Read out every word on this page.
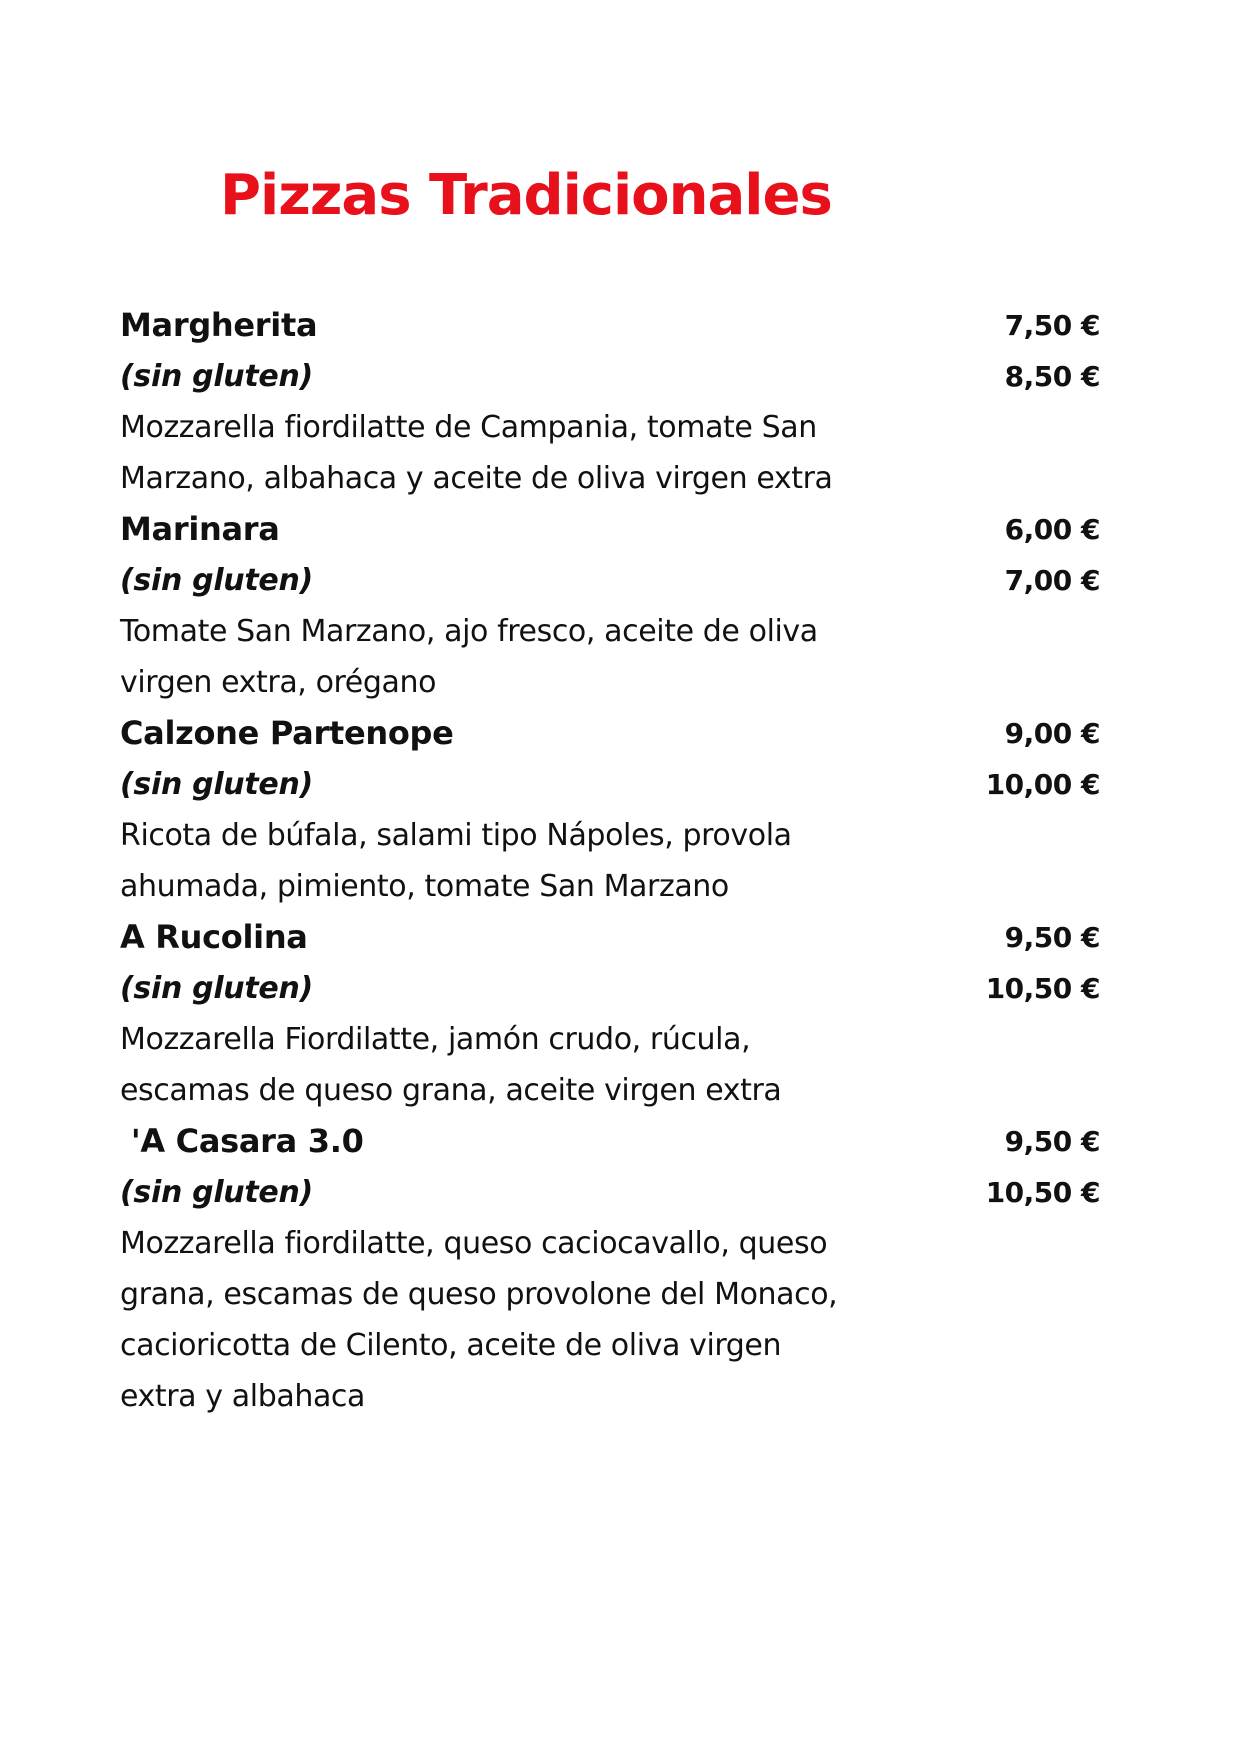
Pizzas Tradicionales
Margherita	7,50 €
(sin gluten)	8,50 €
Mozzarella fiordilatte de Campania, tomate San
Marzano, albahaca y aceite de oliva virgen extra
Marinara	6,00 €
(sin gluten)	7,00 €
Tomate San Marzano, ajo fresco, aceite de oliva
virgen extra, orégano
Calzone Partenope	9,00 €
(sin gluten)	10,00 €
Ricota de búfala, salami tipo Nápoles, provola
ahumada, pimiento, tomate San Marzano
A Rucolina	9,50 €
(sin gluten)	10,50 €
Mozzarella Fiordilatte, jamón crudo, rúcula,
escamas de queso grana, aceite virgen extra
'A Casara 3.0	9,50 €
(sin gluten)	10,50 €
Mozzarella fiordilatte, queso caciocavallo, queso
grana, escamas de queso provolone del Monaco,
cacioricotta de Cilento, aceite de oliva virgen
extra y albahaca
